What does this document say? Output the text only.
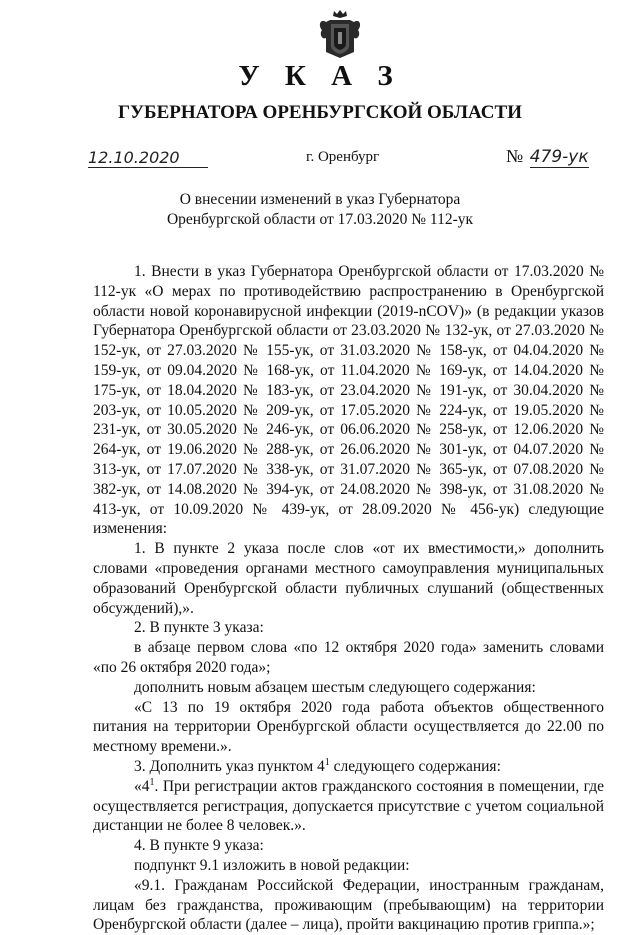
У К А З
ГУБЕРНАТОРА ОРЕНБУРГСКОЙ ОБЛАСТИ
12.10.2020	г. Оренбург	№ 479-ук
О внесении изменений в указ Губернатора
Оренбургской области от 17.03.2020 № 112-ук

1. Внести в указ Губернатора Оренбургской области от 17.03.2020 № 112-ук «О мерах по противодействию распространению в Оренбургской области новой коронавирусной инфекции (2019-nCOV)» (в редакции указов Губернатора Оренбургской области от 23.03.2020 № 132-ук, от 27.03.2020 № 152-ук, от 27.03.2020 № 155-ук, от 31.03.2020 № 158-ук, от 04.04.2020 № 159-ук, от 09.04.2020 № 168-ук, от 11.04.2020 № 169-ук, от 14.04.2020 № 175-ук, от 18.04.2020 № 183-ук, от 23.04.2020 № 191-ук, от 30.04.2020 № 203-ук, от 10.05.2020 № 209-ук, от 17.05.2020 № 224-ук, от 19.05.2020 № 231-ук, от 30.05.2020 № 246-ук, от 06.06.2020 № 258-ук, от 12.06.2020 № 264-ук, от 19.06.2020 № 288-ук, от 26.06.2020 № 301-ук, от 04.07.2020 № 313-ук, от 17.07.2020 № 338-ук, от 31.07.2020 № 365-ук, от 07.08.2020 № 382-ук, от 14.08.2020 № 394-ук, от 24.08.2020 № 398-ук, от 31.08.2020 № 413-ук, от 10.09.2020 № 439-ук, от 28.09.2020 № 456-ук) следующие изменения:

1. В пункте 2 указа после слов «от их вместимости,» дополнить словами «проведения органами местного самоуправления муниципальных образований Оренбургской области публичных слушаний (общественных обсуждений),».

2. В пункте 3 указа:

в абзаце первом слова «по 12 октября 2020 года» заменить словами «по 26 октября 2020 года»;

дополнить новым абзацем шестым следующего содержания:

«С 13 по 19 октября 2020 года работа объектов общественного питания на территории Оренбургской области осуществляется до 22.00 по местному времени.».

3. Дополнить указ пунктом $4^1$ следующего содержания:

«$4^1$. При регистрации актов гражданского состояния в помещении, где осуществляется регистрация, допускается присутствие с учетом социальной дистанции не более 8 человек.».

4. В пункте 9 указа:

подпункт 9.1 изложить в новой редакции:

«9.1. Гражданам Российской Федерации, иностранным гражданам, лицам без гражданства, проживающим (пребывающим) на территории Оренбургской области (далее – лица), пройти вакцинацию против гриппа.»;
